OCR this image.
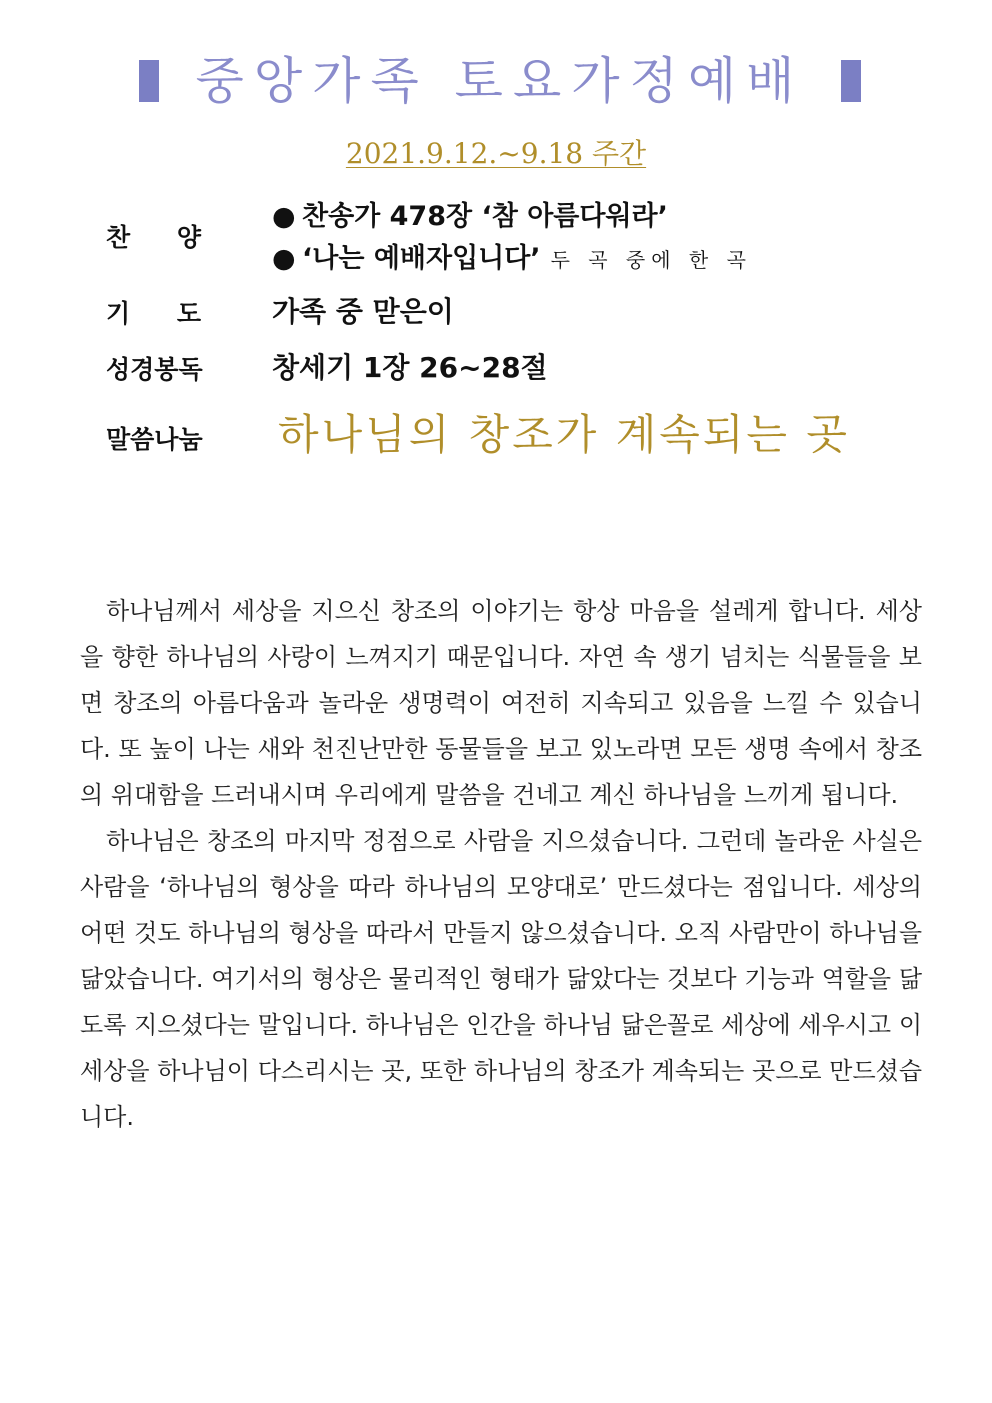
중앙가족 토요가정예배
2021.9.12.~9.18 주간
찬 양
● 찬송가 478장 ‘참 아름다워라’
● ‘나는 예배자입니다’ 두 곡 중에 한 곡
기 도	가족 중 맏은이
성경봉독 창세기 1장 26~28절
말씀나눔 하나님의 창조가 계속되는 곳

하나님께서 세상을 지으신 창조의 이야기는 항상 마음을 설레게 합니다. 세상을 향한 하나님의 사랑이 느껴지기 때문입니다. 자연 속 생기 넘치는 식물들을 보면 창조의 아름다움과 놀라운 생명력이 여전히 지속되고 있음을 느낄 수 있습니다. 또 높이 나는 새와 천진난만한 동물들을 보고 있노라면 모든 생명 속에서 창조의 위대함을 드러내시며 우리에게 말씀을 건네고 계신 하나님을 느끼게 됩니다.

하나님은 창조의 마지막 정점으로 사람을 지으셨습니다. 그런데 놀라운 사실은 사람을 ‘하나님의 형상을 따라 하나님의 모양대로’ 만드셨다는 점입니다. 세상의 어떤 것도 하나님의 형상을 따라서 만들지 않으셨습니다. 오직 사람만이 하나님을 닮았습니다. 여기서의 형상은 물리적인 형태가 닮았다는 것보다 기능과 역할을 닮도록 지으셨다는 말입니다. 하나님은 인간을 하나님 닮은꼴로 세상에 세우시고 이 세상을 하나님이 다스리시는 곳, 또한 하나님의 창조가 계속되는 곳으로 만드셨습니다.
